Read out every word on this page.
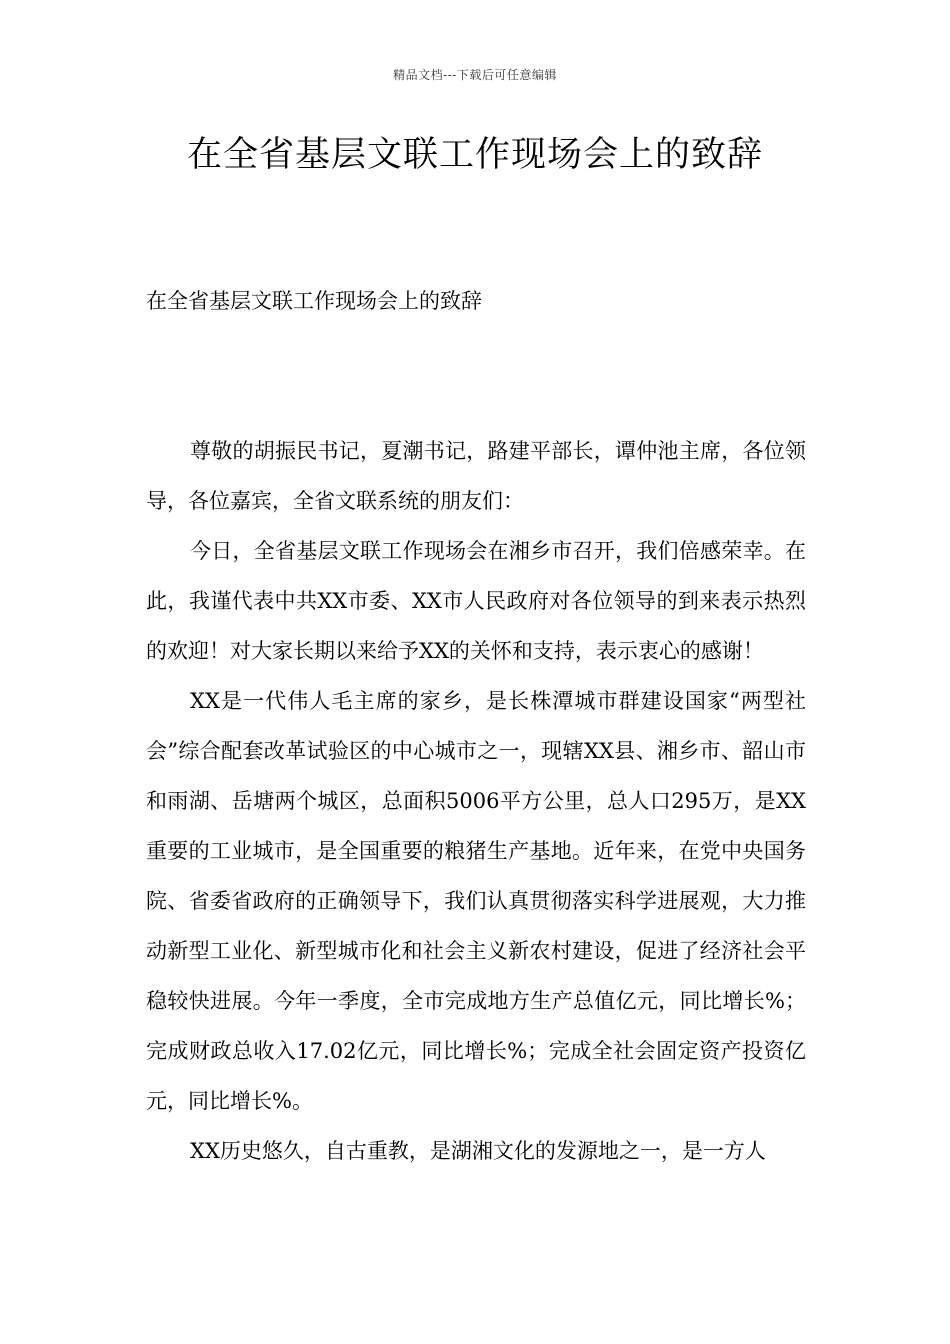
精品文档---下载后可任意编辑
在全省基层文联工作现场会上的致辞
在全省基层文联工作现场会上的致辞

尊敬的胡振民书记，夏潮书记，路建平部长，谭仲池主席，各位领导，各位嘉宾，全省文联系统的朋友们：

今日，全省基层文联工作现场会在湘乡市召开，我们倍感荣幸。在此，我谨代表中共XX市委、XX市人民政府对各位领导的到来表示热烈的欢迎！对大家长期以来给予XX的关怀和支持，表示衷心的感谢！

XX是一代伟人毛主席的家乡，是长株潭城市群建设国家“两型社会”综合配套改革试验区的中心城市之一，现辖XX县、湘乡市、韶山市和雨湖、岳塘两个城区，总面积5006平方公里，总人口295万，是XX重要的工业城市，是全国重要的粮猪生产基地。近年来，在党中央国务院、省委省政府的正确领导下，我们认真贯彻落实科学进展观，大力推动新型工业化、新型城市化和社会主义新农村建设，促进了经济社会平稳较快进展。今年一季度，全市完成地方生产总值亿元，同比增长%；完成财政总收入17.02亿元，同比增长%；完成全社会固定资产投资亿元，同比增长%。

XX历史悠久，自古重教，是湖湘文化的发源地之一，是一方人
